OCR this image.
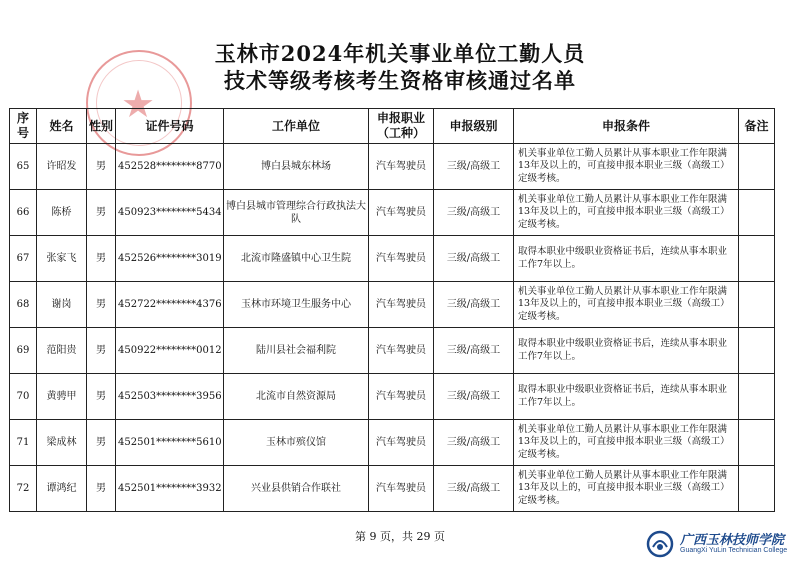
★
玉林市2024年机关事业单位工勤人员
技术等级考核考生资格审核通过名单
序号	姓名	性别	证件号码	工作单位	申报职业（工种）	申报级别	申报条件	备注
65	许昭发	男	452528********8770	博白县城东林场	汽车驾驶员	三级/高级工	机关事业单位工勤人员累计从事本职业工作年限满13年及以上的，可直接申报本职业三级（高级工）定级考核。	
66	陈桥	男	450923********5434	博白县城市管理综合行政执法大队	汽车驾驶员	三级/高级工	机关事业单位工勤人员累计从事本职业工作年限满13年及以上的，可直接申报本职业三级（高级工）定级考核。	
67	张家飞	男	452526********3019	北流市隆盛镇中心卫生院	汽车驾驶员	三级/高级工	取得本职业中级职业资格证书后，连续从事本职业工作7年以上。	
68	谢岗	男	452722********4376	玉林市环境卫生服务中心	汽车驾驶员	三级/高级工	机关事业单位工勤人员累计从事本职业工作年限满13年及以上的，可直接申报本职业三级（高级工）定级考核。	
69	范阳贵	男	450922********0012	陆川县社会福利院	汽车驾驶员	三级/高级工	取得本职业中级职业资格证书后，连续从事本职业工作7年以上。	
70	黄骋甲	男	452503********3956	北流市自然资源局	汽车驾驶员	三级/高级工	取得本职业中级职业资格证书后，连续从事本职业工作7年以上。	
71	梁成林	男	452501********5610	玉林市殡仪馆	汽车驾驶员	三级/高级工	机关事业单位工勤人员累计从事本职业工作年限满13年及以上的，可直接申报本职业三级（高级工）定级考核。	
72	谭鸿纪	男	452501********3932	兴业县供销合作联社	汽车驾驶员	三级/高级工	机关事业单位工勤人员累计从事本职业工作年限满13年及以上的，可直接申报本职业三级（高级工）定级考核。	
第 9 页，共 29 页	广西玉林技师学院
GuangXi YuLin Technician College
